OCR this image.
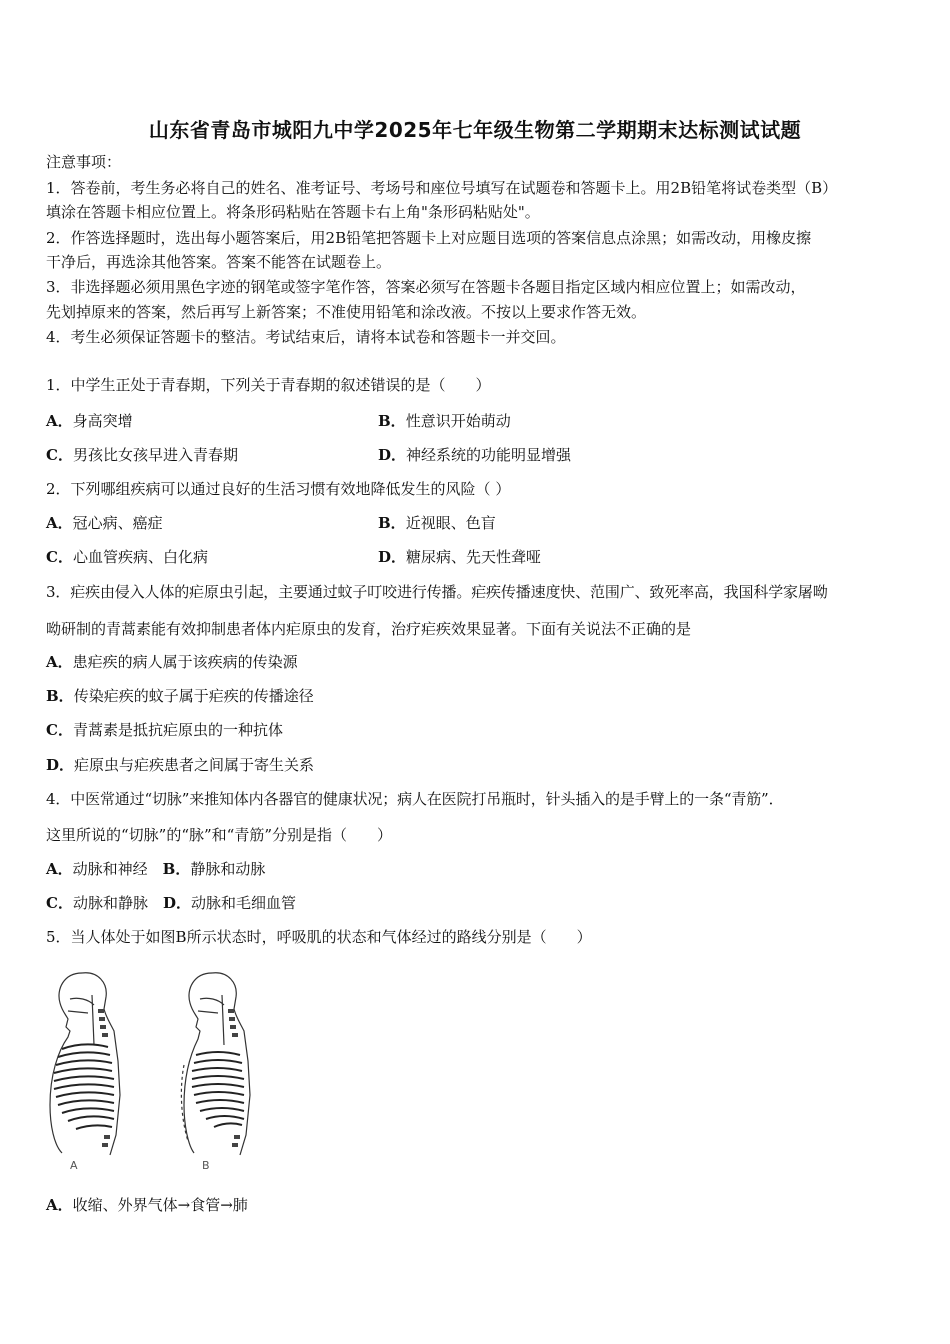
山东省青岛市城阳九中学2025年七年级生物第二学期期末达标测试试题
注意事项：
1．答卷前，考生务必将自己的姓名、准考证号、考场号和座位号填写在试题卷和答题卡上。用2B铅笔将试卷类型（B）
填涂在答题卡相应位置上。将条形码粘贴在答题卡右上角"条形码粘贴处"。
2．作答选择题时，选出每小题答案后，用2B铅笔把答题卡上对应题目选项的答案信息点涂黑；如需改动，用橡皮擦
干净后，再选涂其他答案。答案不能答在试题卷上。
3．非选择题必须用黑色字迹的钢笔或签字笔作答，答案必须写在答题卡各题目指定区域内相应位置上；如需改动，
先划掉原来的答案，然后再写上新答案；不准使用铅笔和涂改液。不按以上要求作答无效。
4．考生必须保证答题卡的整洁。考试结束后，请将本试卷和答题卡一并交回。
1．中学生正处于青春期，下列关于青春期的叙述错误的是（　　）
A．身高突增	B．性意识开始萌动
C．男孩比女孩早进入青春期	D．神经系统的功能明显增强
2．下列哪组疾病可以通过良好的生活习惯有效地降低发生的风险（ ）
A．冠心病、癌症	B．近视眼、色盲
C．心血管疾病、白化病	D．糖尿病、先天性聋哑
3．疟疾由侵入人体的疟原虫引起，主要通过蚊子叮咬进行传播。疟疾传播速度快、范围广、致死率高，我国科学家屠呦
呦研制的青蒿素能有效抑制患者体内疟原虫的发育，治疗疟疾效果显著。下面有关说法不正确的是
A．患疟疾的病人属于该疾病的传染源
B．传染疟疾的蚊子属于疟疾的传播途径
C．青蒿素是抵抗疟原虫的一种抗体
D．疟原虫与疟疾患者之间属于寄生关系
4．中医常通过“切脉”来推知体内各器官的健康状况；病人在医院打吊瓶时，针头插入的是手臂上的一条“青筋”．
这里所说的“切脉”的“脉”和“青筋”分别是指（　　）
A．动脉和神经　 B．静脉和动脉
C．动脉和静脉　 D．动脉和毛细血管
5．当人体处于如图B所示状态时，呼吸肌的状态和气体经过的路线分别是（　　）
A	B
A．收缩、外界气体→食管→肺
